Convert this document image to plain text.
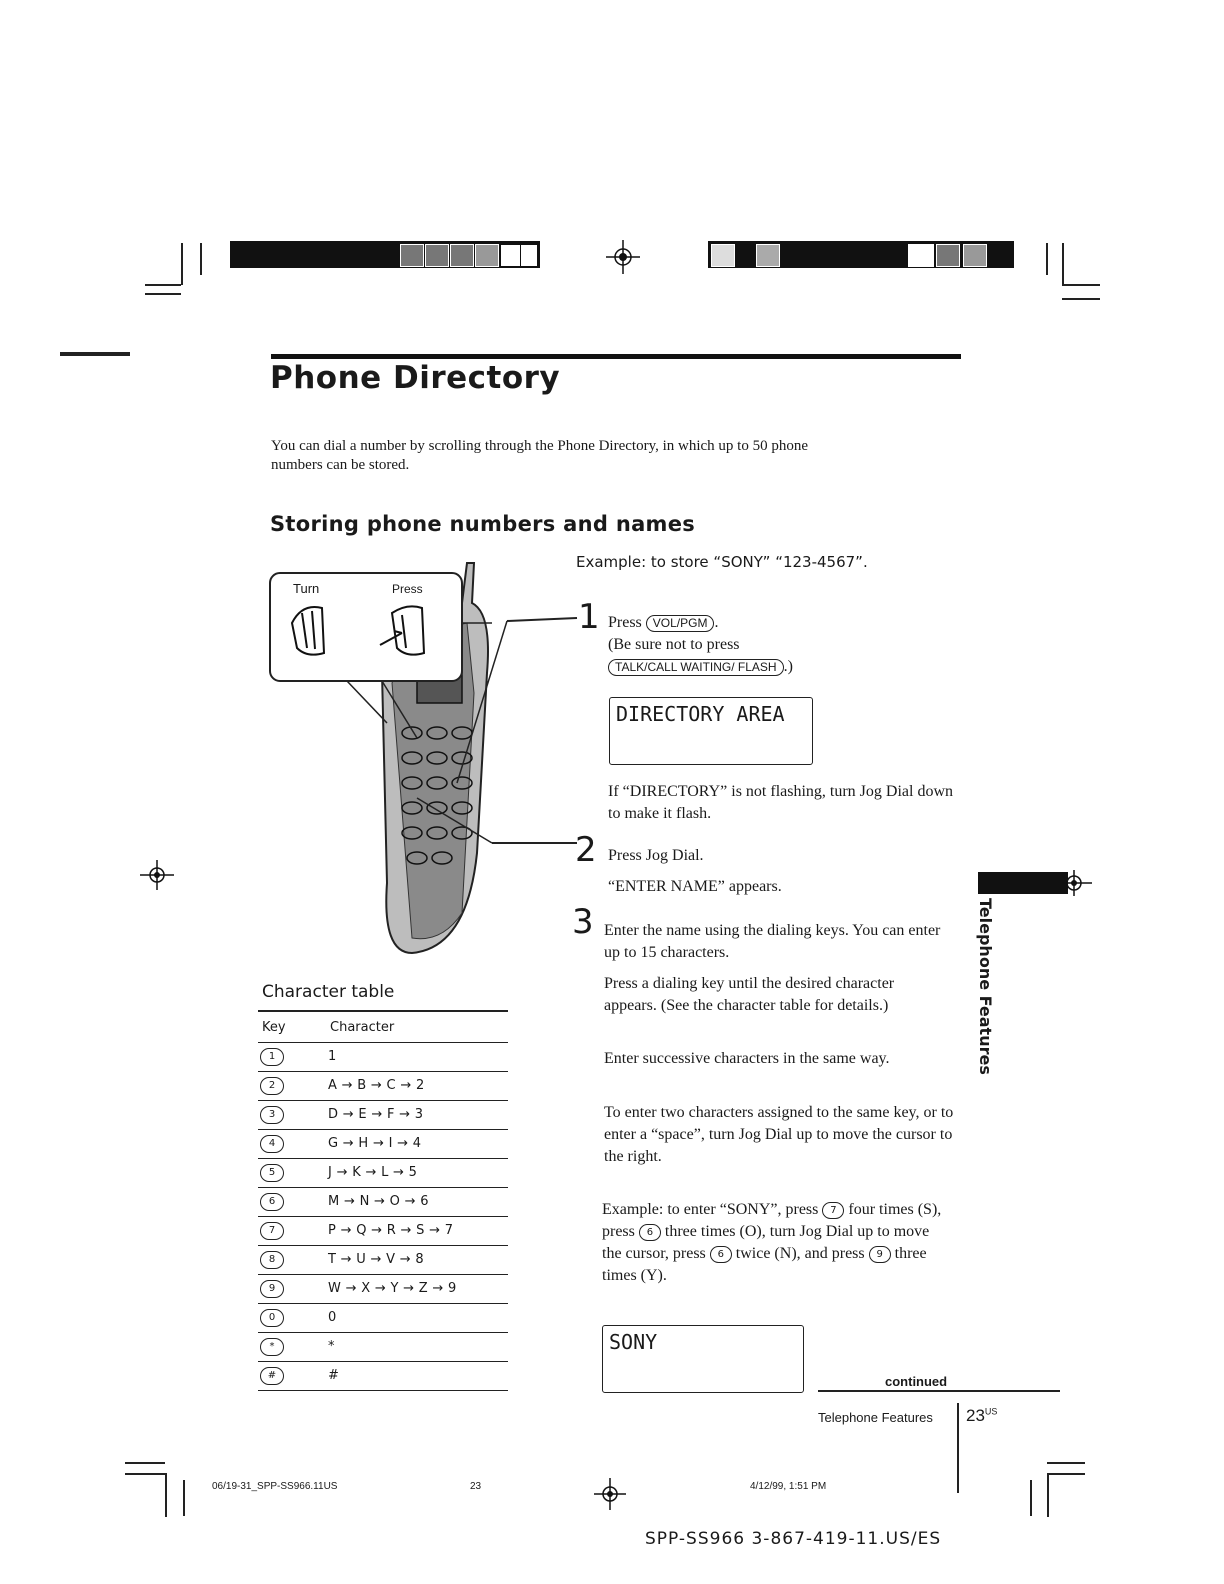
Phone Directory
You can dial a number by scrolling through the Phone Directory, in which up to 50 phone numbers can be stored.
Storing phone numbers and names
Turn	Press
Character table
Key	Character
1	1
2	A → B → C → 2
3	D → E → F → 3
4	G → H → I → 4
5	J → K → L → 5
6	M → N → O → 6
7	P → Q → R → S → 7
8	T → U → V → 8
9	W → X → Y → Z → 9
0	0
*	*
#	#
Example: to store “SONY” “123-4567”.
1 Press VOL/PGM .
(Be sure not to press
TALK/CALL WAITING/ FLASH .)
DIRECTORY AREA
If “DIRECTORY” is not flashing, turn Jog Dial down to make it flash.
2 Press Jog Dial.
“ENTER NAME” appears.
3 Enter the name using the dialing keys. You can enter up to 15 characters.
Press a dialing key until the desired character appears. (See the character table for details.)
Enter successive characters in the same way.
To enter two characters assigned to the same key, or to enter a “space”, turn Jog Dial up to move the cursor to the right.
Example: to enter “SONY”, press 7 four times (S), press 6 three times (O), turn Jog Dial up to move the cursor, press 6 twice (N), and press 9 three times (Y).
SONY
Telephone Features
continued
Telephone Features $23^{US}$
06/19-31_SPP-SS966.11US	23	4/12/99, 1:51 PM
SPP-SS966 3-867-419-11.US/ES
